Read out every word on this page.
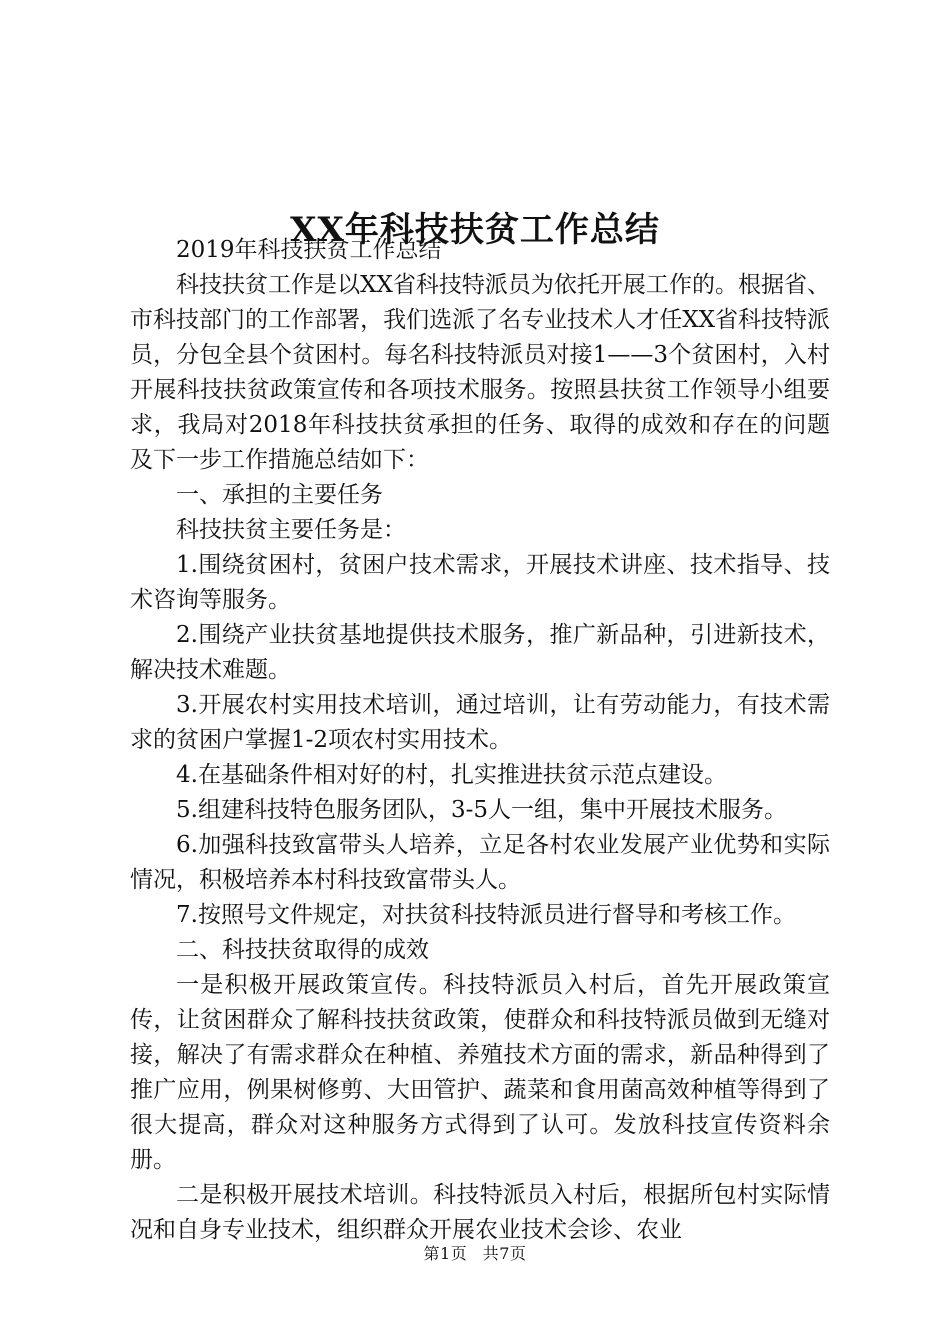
XX年科技扶贫工作总结

2019年科技扶贫工作总结

科技扶贫工作是以XX省科技特派员为依托开展工作的。根据省、市科技部门的工作部署，我们选派了名专业技术人才任XX省科技特派员，分包全县个贫困村。每名科技特派员对接1——3个贫困村，入村开展科技扶贫政策宣传和各项技术服务。按照县扶贫工作领导小组要求，我局对2018年科技扶贫承担的任务、取得的成效和存在的问题及下一步工作措施总结如下：

一、承担的主要任务

科技扶贫主要任务是：

1.围绕贫困村，贫困户技术需求，开展技术讲座、技术指导、技术咨询等服务。

2.围绕产业扶贫基地提供技术服务，推广新品种，引进新技术，解决技术难题。

3.开展农村实用技术培训，通过培训，让有劳动能力，有技术需求的贫困户掌握1-2项农村实用技术。

4.在基础条件相对好的村，扎实推进扶贫示范点建设。

5.组建科技特色服务团队，3-5人一组，集中开展技术服务。

6.加强科技致富带头人培养，立足各村农业发展产业优势和实际情况，积极培养本村科技致富带头人。

7.按照号文件规定，对扶贫科技特派员进行督导和考核工作。

二、科技扶贫取得的成效

一是积极开展政策宣传。科技特派员入村后，首先开展政策宣传，让贫困群众了解科技扶贫政策，使群众和科技特派员做到无缝对接，解决了有需求群众在种植、养殖技术方面的需求，新品种得到了推广应用，例果树修剪、大田管护、蔬菜和食用菌高效种植等得到了很大提高，群众对这种服务方式得到了认可。发放科技宣传资料余册。

二是积极开展技术培训。科技特派员入村后，根据所包村实际情况和自身专业技术，组织群众开展农业技术会诊、农业

第1页 共7页
